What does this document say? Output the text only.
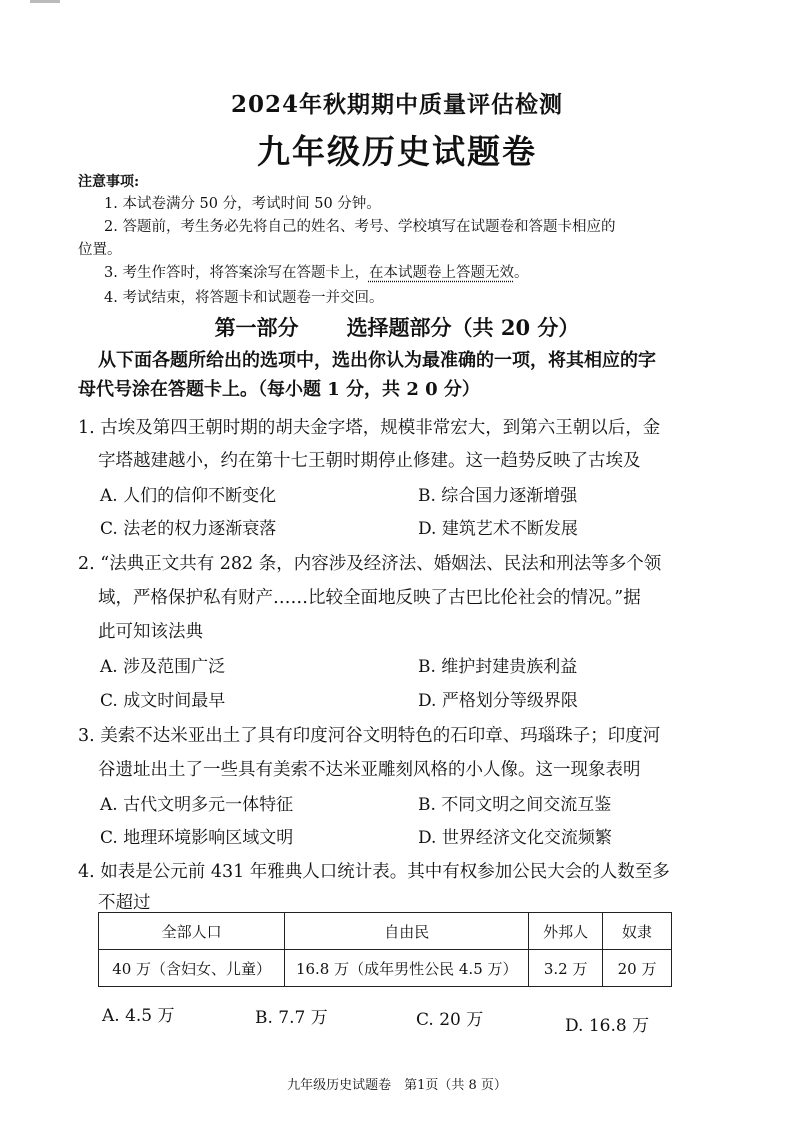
2024年秋期期中质量评估检测
九年级历史试题卷
注意事项:
1. 本试卷满分 50 分，考试时间 50 分钟。
2. 答题前，考生务必先将自己的姓名、考号、学校填写在试题卷和答题卡相应的
位置。
3. 考生作答时，将答案涂写在答题卡上，在本试题卷上答题无效。
4. 考试结束，将答题卡和试题卷一并交回。
第一部分 选择题部分（共 20 分）
从下面各题所给出的选项中，选出你认为最准确的一项，将其相应的字
母代号涂在答题卡上。（每小题 1 分，共 2 0 分）
1. 古埃及第四王朝时期的胡夫金字塔，规模非常宏大，到第六王朝以后，金
字塔越建越小，约在第十七王朝时期停止修建。这一趋势反映了古埃及
A. 人们的信仰不断变化	B. 综合国力逐渐增强
C. 法老的权力逐渐衰落	D. 建筑艺术不断发展
2. “法典正文共有 282 条，内容涉及经济法、婚姻法、民法和刑法等多个领
域，严格保护私有财产……比较全面地反映了古巴比伦社会的情况。”据
此可知该法典
A. 涉及范围广泛	B. 维护封建贵族利益
C. 成文时间最早	D. 严格划分等级界限
3. 美索不达米亚出土了具有印度河谷文明特色的石印章、玛瑙珠子；印度河
谷遗址出土了一些具有美索不达米亚雕刻风格的小人像。这一现象表明
A. 古代文明多元一体特征	B. 不同文明之间交流互鉴
C. 地理环境影响区域文明	D. 世界经济文化交流频繁
4. 如表是公元前 431 年雅典人口统计表。其中有权参加公民大会的人数至多
不超过
全部人口	自由民	外邦人	奴隶
40 万（含妇女、儿童）	16.8 万（成年男性公民 4.5 万）	3.2 万	20 万
A. 4.5 万	B. 7.7 万	C. 20 万	D. 16.8 万
九年级历史试题卷　第1页（共 8 页）
